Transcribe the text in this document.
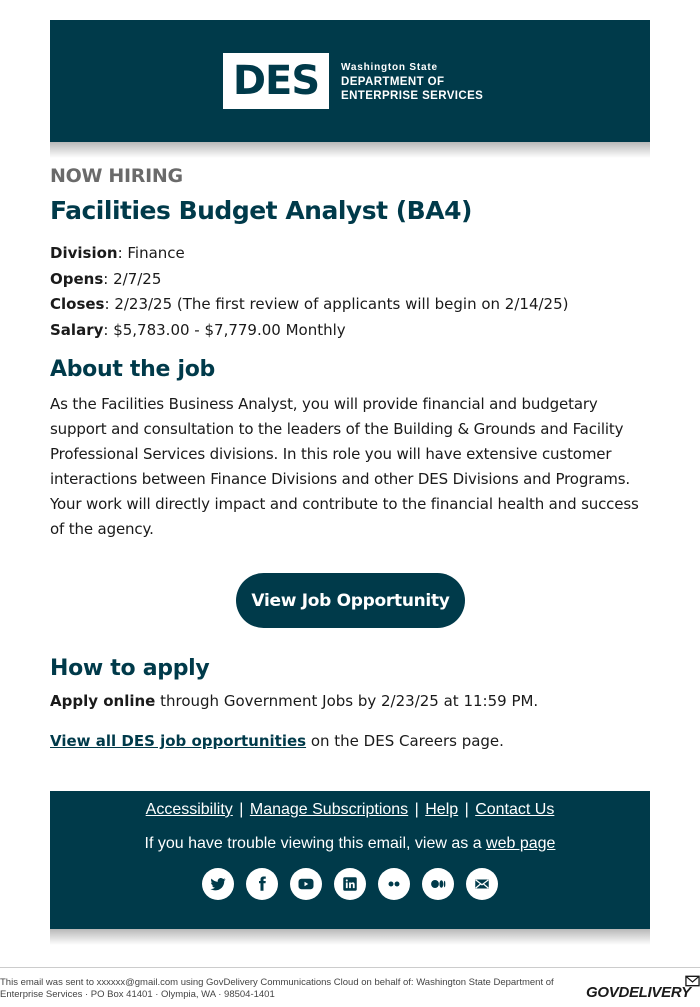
DES Washington State
DEPARTMENT OF
ENTERPRISE SERVICES
NOW HIRING
Facilities Budget Analyst (BA4)
Division: Finance
Opens: 2/7/25
Closes: 2/23/25 (The first review of applicants will begin on 2/14/25)
Salary: $5,783.00 - $7,779.00 Monthly
About the job

As the Facilities Business Analyst, you will provide financial and budgetary support and consultation to the leaders of the Building & Grounds and Facility Professional Services divisions. In this role you will have extensive customer interactions between Finance Divisions and other DES Divisions and Programs. Your work will directly impact and contribute to the financial health and success of the agency.

View Job Opportunity
How to apply

Apply online through Government Jobs by 2/23/25 at 11:59 PM.

View all DES job opportunities on the DES Careers page.

Accessibility | Manage Subscriptions | Help | Contact Us
If you have trouble viewing this email, view as a web page
This email was sent to xxxxxx@gmail.com using GovDelivery Communications Cloud on behalf of: Washington State Department of Enterprise Services · PO Box 41401 · Olympia, WA · 98504-1401	GOVDELIVERY
